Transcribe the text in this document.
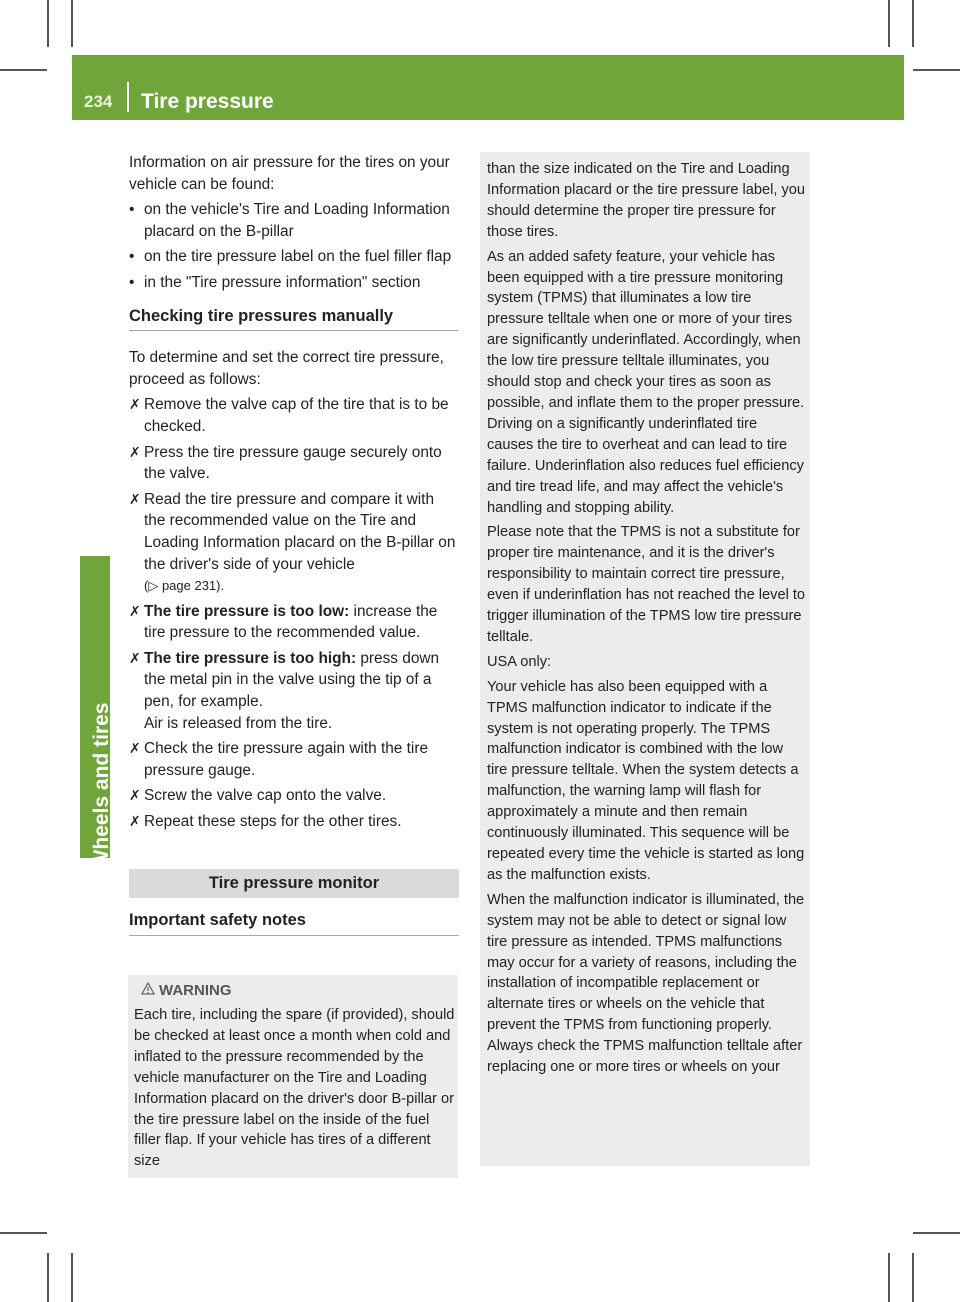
234	Tire pressure
Wheels and tires

Information on air pressure for the tires on your vehicle can be found:

• on the vehicle's Tire and Loading Information placard on the B-pillar
• on the tire pressure label on the fuel filler flap
• in the "Tire pressure information" section
Checking tire pressures manually

To determine and set the correct tire pressure, proceed as follows:

✗ Remove the valve cap of the tire that is to be checked.
✗ Press the tire pressure gauge securely onto the valve.
✗ Read the tire pressure and compare it with the recommended value on the Tire and Loading Information placard on the B-pillar on the driver's side of your vehicle
(▷ page 231).
✗ The tire pressure is too low: increase the tire pressure to the recommended value.
✗ The tire pressure is too high: press down the metal pin in the valve using the tip of a pen, for example.
Air is released from the tire.
✗ Check the tire pressure again with the tire pressure gauge.
✗ Screw the valve cap onto the valve.
✗ Repeat these steps for the other tires.
Tire pressure monitor
Important safety notes
WARNING
Each tire, including the spare (if provided), should be checked at least once a month when cold and inflated to the pressure recommended by the vehicle manufacturer on the Tire and Loading Information placard on the driver's door B-pillar or the tire pressure label on the inside of the fuel filler flap. If your vehicle has tires of a different size

than the size indicated on the Tire and Loading Information placard or the tire pressure label, you should determine the proper tire pressure for those tires.

As an added safety feature, your vehicle has been equipped with a tire pressure monitoring system (TPMS) that illuminates a low tire pressure telltale when one or more of your tires are significantly underinflated. Accordingly, when the low tire pressure telltale illuminates, you should stop and check your tires as soon as possible, and inflate them to the proper pressure. Driving on a significantly underinflated tire causes the tire to overheat and can lead to tire failure. Underinflation also reduces fuel efficiency and tire tread life, and may affect the vehicle's handling and stopping ability.

Please note that the TPMS is not a substitute for proper tire maintenance, and it is the driver's responsibility to maintain correct tire pressure, even if underinflation has not reached the level to trigger illumination of the TPMS low tire pressure telltale.

USA only:

Your vehicle has also been equipped with a TPMS malfunction indicator to indicate if the system is not operating properly. The TPMS malfunction indicator is combined with the low tire pressure telltale. When the system detects a malfunction, the warning lamp will flash for approximately a minute and then remain continuously illuminated. This sequence will be repeated every time the vehicle is started as long as the malfunction exists.

When the malfunction indicator is illuminated, the system may not be able to detect or signal low tire pressure as intended. TPMS malfunctions may occur for a variety of reasons, including the installation of incompatible replacement or alternate tires or wheels on the vehicle that prevent the TPMS from functioning properly. Always check the TPMS malfunction telltale after replacing one or more tires or wheels on your
